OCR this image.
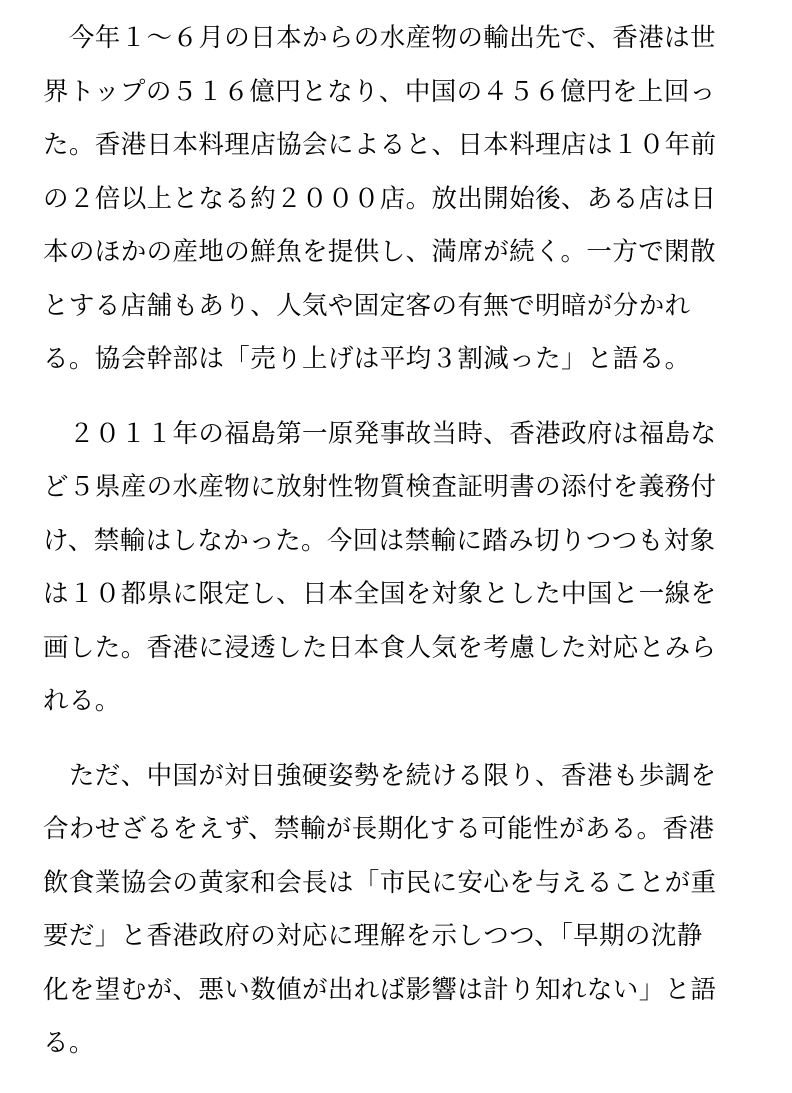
　今年１～６月の日本からの水産物の輸出先で、香港は世
界トップの５１６億円となり、中国の４５６億円を上回っ
た。香港日本料理店協会によると、日本料理店は１０年前
の２倍以上となる約２０００店。放出開始後、ある店は日
本のほかの産地の鮮魚を提供し、満席が続く。一方で閑散
とする店舗もあり、人気や固定客の有無で明暗が分かれ
る。協会幹部は「売り上げは平均３割減った」と語る。

　２０１１年の福島第一原発事故当時、香港政府は福島な
ど５県産の水産物に放射性物質検査証明書の添付を義務付
け、禁輸はしなかった。今回は禁輸に踏み切りつつも対象
は１０都県に限定し、日本全国を対象とした中国と一線を
画した。香港に浸透した日本食人気を考慮した対応とみら
れる。

　ただ、中国が対日強硬姿勢を続ける限り、香港も歩調を
合わせざるをえず、禁輸が長期化する可能性がある。香港
飲食業協会の黄家和会長は「市民に安心を与えることが重
要だ」と香港政府の対応に理解を示しつつ、「早期の沈静
化を望むが、悪い数値が出れば影響は計り知れない」と語
る。
